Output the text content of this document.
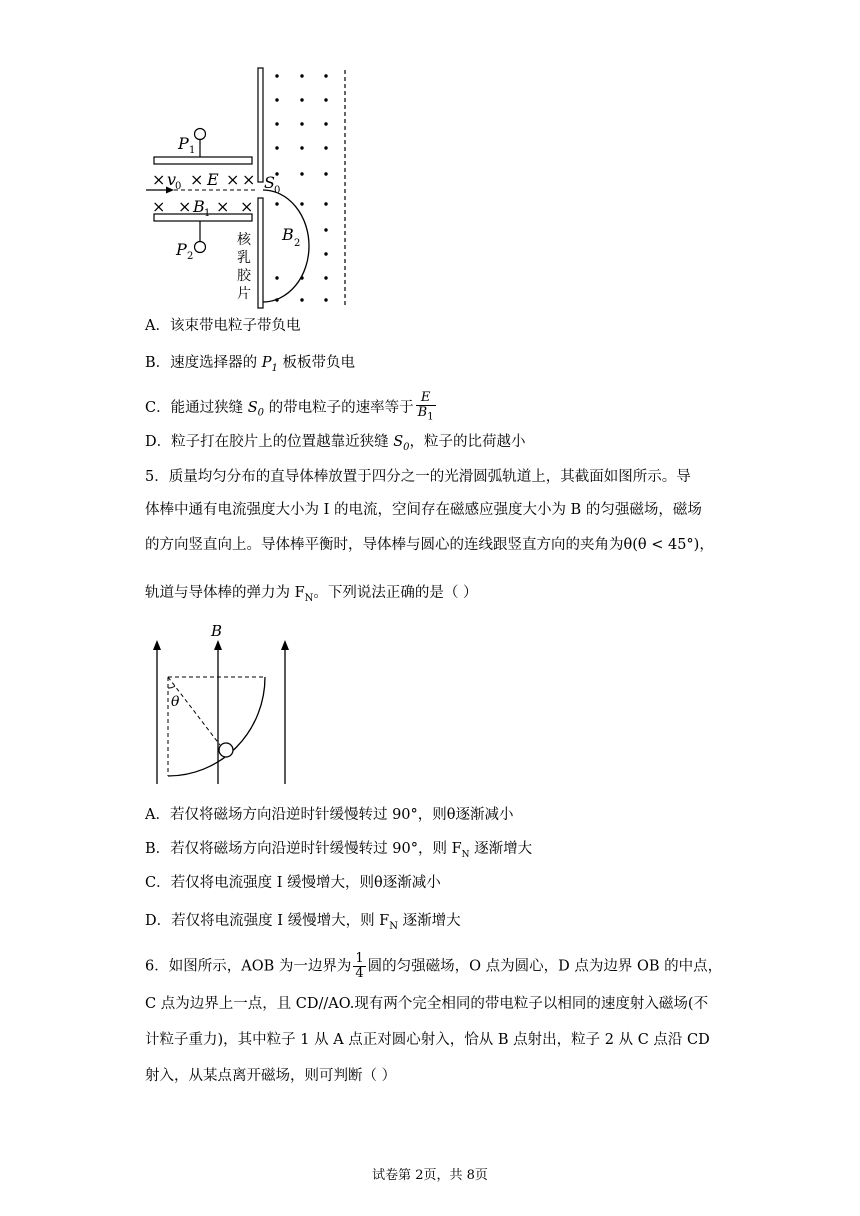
× × × ×
× × × ×
P 1
P 2
v
0 E
B 1
S 0
B 2
核
乳
胶
片
A．该束带电粒子带负电
B．速度选择器的 $P_1$ 板板带负电
C．能通过狭缝 $S_0$ 的带电粒子的速率等于 $\frac{E}{B_1}$
D．粒子打在胶片上的位置越靠近狭缝 $S_0$，粒子的比荷越小
5．质量均匀分布的直导体棒放置于四分之一的光滑圆弧轨道上，其截面如图所示。导
体棒中通有电流强度大小为 I 的电流，空间存在磁感应强度大小为 B 的匀强磁场，磁场
的方向竖直向上。导体棒平衡时，导体棒与圆心的连线跟竖直方向的夹角为θ(θ < 45°)，
轨道与导体棒的弹力为 $F_N$。下列说法正确的是（ ）
B
θ
A．若仅将磁场方向沿逆时针缓慢转过 90°，则θ逐渐减小
B．若仅将磁场方向沿逆时针缓慢转过 90°，则 $F_N$ 逐渐增大
C．若仅将电流强度 I 缓慢增大，则θ逐渐减小
D．若仅将电流强度 I 缓慢增大，则 $F_N$ 逐渐增大
6．如图所示，AOB 为一边界为 $\frac{1}{4}$ 圆的匀强磁场，O 点为圆心，D 点为边界 OB 的中点，
C 点为边界上一点，且 CD//AO.现有两个完全相同的带电粒子以相同的速度射入磁场(不
计粒子重力)，其中粒子 1 从 A 点正对圆心射入，恰从 B 点射出，粒子 2 从 C 点沿 CD
射入，从某点离开磁场，则可判断（ ）
试卷第 2页，共 8页
